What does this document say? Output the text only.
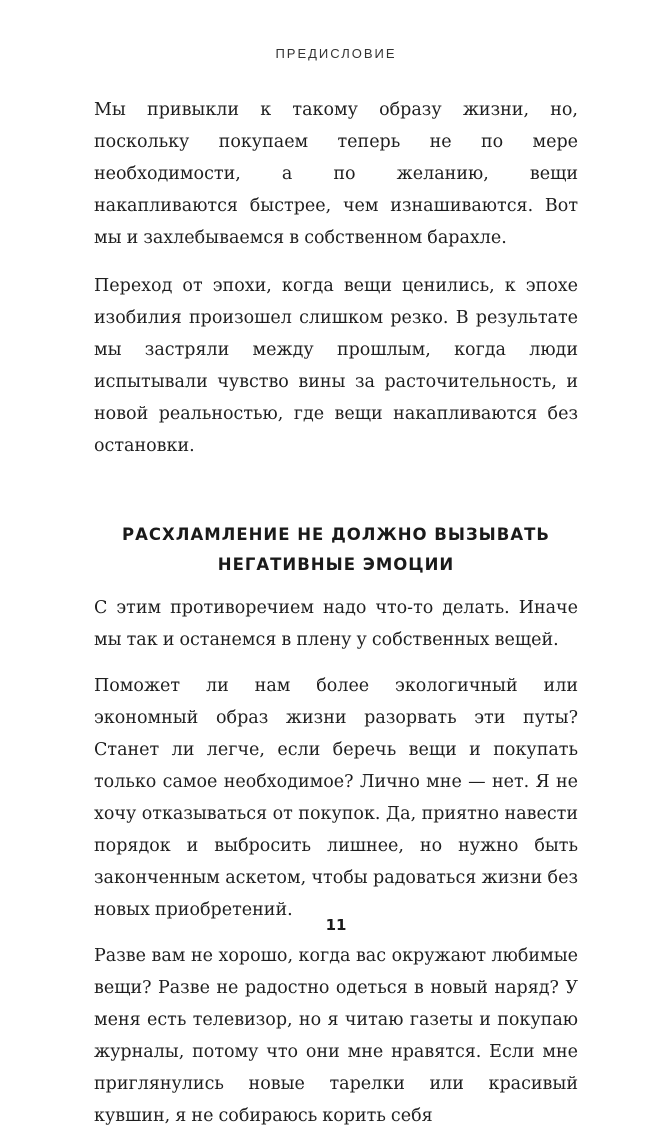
ПРЕДИСЛОВИЕ

Мы привыкли к такому образу жизни, но, поскольку покупаем теперь не по мере необходимости, а по желанию, вещи накапливаются быстрее, чем изнашиваются. Вот мы и захлебываемся в собственном барахле.

Переход от эпохи, когда вещи ценились, к эпохе изобилия произошел слишком резко. В результате мы застряли между прошлым, когда люди испытывали чувство вины за расточительность, и новой реальностью, где вещи накапливаются без остановки.

РАСХЛАМЛЕНИЕ НЕ ДОЛЖНО ВЫЗЫВАТЬ
НЕГАТИВНЫЕ ЭМОЦИИ

С этим противоречием надо что-то делать. Иначе мы так и останемся в плену у собственных вещей.

Поможет ли нам более экологичный или экономный образ жизни разорвать эти путы? Станет ли легче, если беречь вещи и покупать только самое необходимое? Лично мне — нет. Я не хочу отказываться от покупок. Да, приятно навести порядок и выбросить лишнее, но нужно быть законченным аскетом, чтобы радоваться жизни без новых приобретений.

Разве вам не хорошо, когда вас окружают любимые вещи? Разве не радостно одеться в новый наряд? У меня есть телевизор, но я читаю газеты и покупаю журналы, потому что они мне нравятся. Если мне приглянулись новые тарелки или красивый кувшин, я не собираюсь корить себя

11
